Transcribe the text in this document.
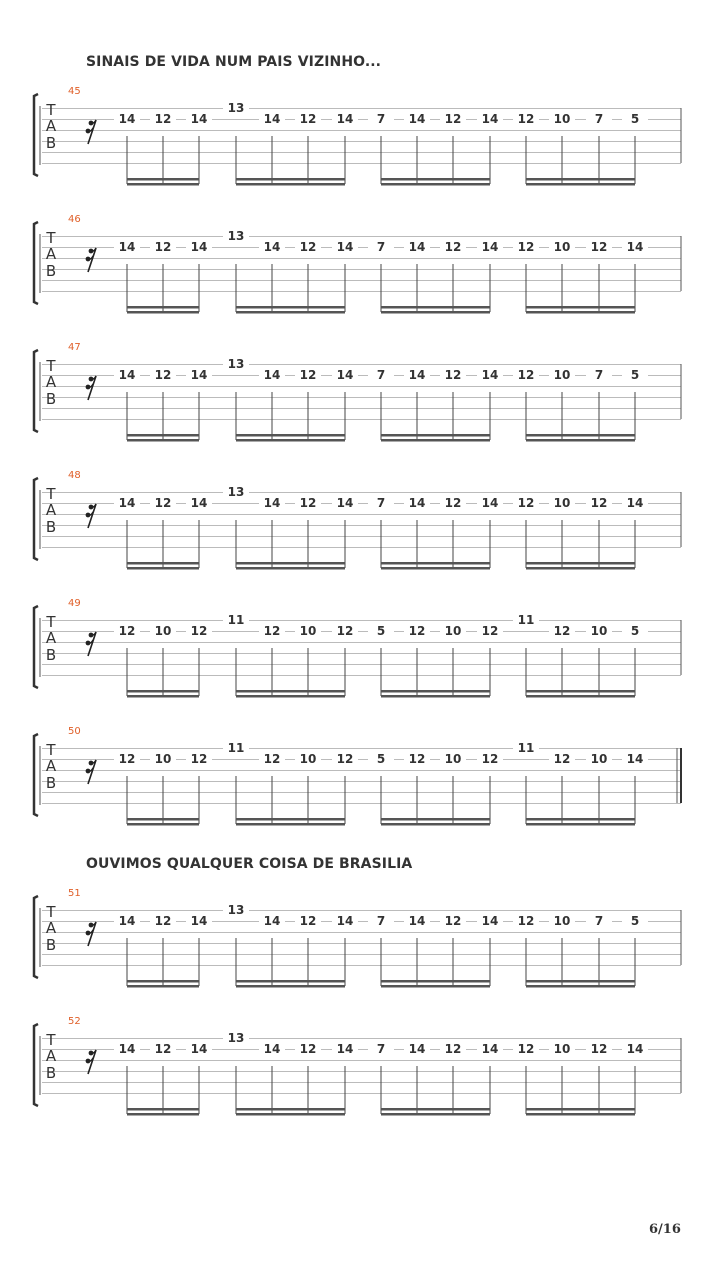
SINAIS DE VIDA NUM PAIS VIZINHO...
OUVIMOS QUALQUER COISA DE BRASILIA
45
T
A
B
14	12	14
13
14	12	14	7	14	12	14	12	10	7	5
46
T
A
B
14	12	14
13
14	12	14	7	14	12	14	12	10	12	14
47
T
A
B
14	12	14
13
14	12	14	7	14	12	14	12	10	7	5
48
T
A
B
14	12	14
13
14	12	14	7	14	12	14	12	10	12	14
49
T
A
B
12	10	12
11
12	10	12	5	12	10	12
11
12	10	5
50
T
A
B
12	10	12
11
12	10	12	5	12	10	12
11
12	10	14
51
T
A
B
14	12	14
13
14	12	14	7	14	12	14	12	10	7	5
52
T
A
B
14	12	14
13
14	12	14	7	14	12	14	12	10	12	14
6/16
